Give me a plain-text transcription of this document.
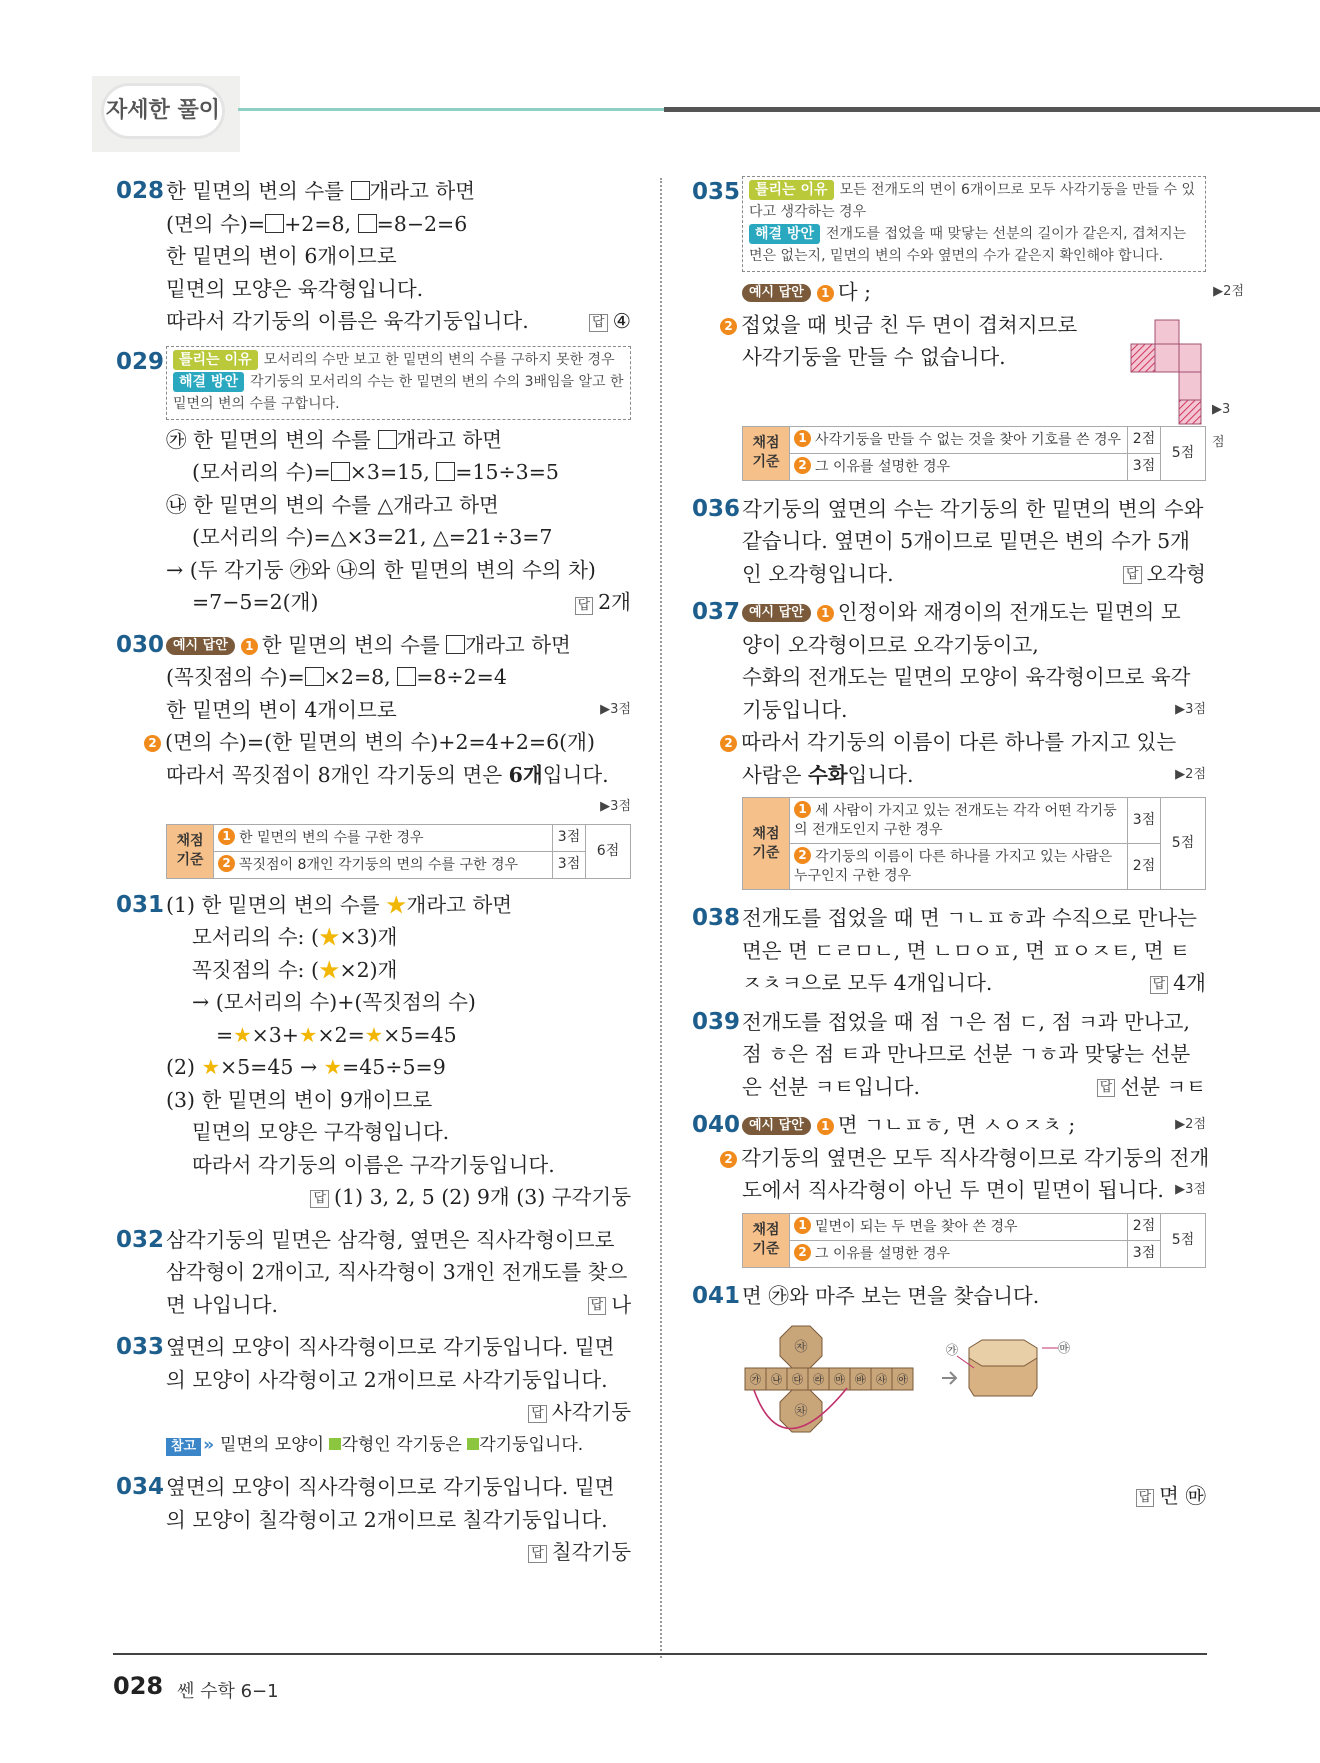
자세한 풀이
028 한 밑면의 변의 수를 개라고 하면
(면의 수)= +2=8, =8−2=6
한 밑면의 변이 6개이므로
밑면의 모양은 육각형입니다.
따라서 각기둥의 이름은 육각기둥입니다.	답 ④
029	틀리는 이유 모서리의 수만 보고 한 밑면의 변의 수를 구하지 못한 경우
해결 방안 각기둥의 모서리의 수는 한 밑면의 변의 수의 3배임을 알고 한 밑면의 변의 수를 구합니다.
㉮ 한 밑면의 변의 수를 개라고 하면
(모서리의 수)= ×3=15, =15÷3=5
㉯ 한 밑면의 변의 수를 △개라고 하면
(모서리의 수)=△×3=21, △=21÷3=7
→ (두 각기둥 ㉮와 ㉯의 한 밑면의 변의 수의 차)
=7−5=2(개)	답 2개
030 예시 답안 1 한 밑면의 변의 수를 개라고 하면
(꼭짓점의 수)= ×2=8, =8÷2=4
한 밑면의 변이 4개이므로	▶3점
2 (면의 수)=(한 밑면의 변의 수)+2=4+2=6(개)
따라서 꼭짓점이 8개인 각기둥의 면은 6개입니다.
▶3점
채점 기준	1 한 밑면의 변의 수를 구한 경우	3점	6점
	2 꼭짓점이 8개인 각기둥의 면의 수를 구한 경우	3점	
031 (1) 한 밑면의 변의 수를 ★개라고 하면
모서리의 수: (★×3)개
꼭짓점의 수: (★×2)개
→ (모서리의 수)+(꼭짓점의 수)
=★×3+★×2=★×5=45
(2) ★×5=45 → ★=45÷5=9
(3) 한 밑면의 변이 9개이므로
밑면의 모양은 구각형입니다.
따라서 각기둥의 이름은 구각기둥입니다.
답 (1) 3, 2, 5 (2) 9개 (3) 구각기둥
032 삼각기둥의 밑면은 삼각형, 옆면은 직사각형이므로
삼각형이 2개이고, 직사각형이 3개인 전개도를 찾으
면 나입니다.	답 나
033 옆면의 모양이 직사각형이므로 각기둥입니다. 밑면
의 모양이 사각형이고 2개이므로 사각기둥입니다.
답 사각기둥
참고 » 밑면의 모양이 각형인 각기둥은 각기둥입니다.
034 옆면의 모양이 직사각형이므로 각기둥입니다. 밑면
의 모양이 칠각형이고 2개이므로 칠각기둥입니다.
답 칠각기둥
035	틀리는 이유 모든 전개도의 면이 6개이므로 모두 사각기둥을 만들 수 있다고 생각하는 경우
해결 방안 전개도를 접었을 때 맞닿는 선분의 길이가 같은지, 겹쳐지는 면은 없는지, 밑면의 변의 수와 옆면의 수가 같은지 확인해야 합니다.
예시 답안 1 다 ;	▶2점
2 접었을 때 빗금 친 두 면이 겹쳐지므로
사각기둥을 만들 수 없습니다.
▶3점
채점 기준	1 사각기둥을 만들 수 없는 것을 찾아 기호를 쓴 경우	2점	5점
	2 그 이유를 설명한 경우	3점	
036 각기둥의 옆면의 수는 각기둥의 한 밑면의 변의 수와
같습니다. 옆면이 5개이므로 밑면은 변의 수가 5개
인 오각형입니다.	답 오각형
037 예시 답안 1 인정이와 재경이의 전개도는 밑면의 모
양이 오각형이므로 오각기둥이고,
수화의 전개도는 밑면의 모양이 육각형이므로 육각
기둥입니다.	▶3점
2 따라서 각기둥의 이름이 다른 하나를 가지고 있는
사람은 수화입니다.	▶2점
채점 기준	1 세 사람이 가지고 있는 전개도는 각각 어떤 각기둥의 전개도인지 구한 경우	3점	5점
	2 각기둥의 이름이 다른 하나를 가지고 있는 사람은 누구인지 구한 경우	2점	
038 전개도를 접었을 때 면 ㄱㄴㅍㅎ과 수직으로 만나는
면은 면 ㄷㄹㅁㄴ, 면 ㄴㅁㅇㅍ, 면 ㅍㅇㅈㅌ, 면 ㅌ
ㅈㅊㅋ으로 모두 4개입니다.	답 4개
039 전개도를 접었을 때 점 ㄱ은 점 ㄷ, 점 ㅋ과 만나고,
점 ㅎ은 점 ㅌ과 만나므로 선분 ㄱㅎ과 맞닿는 선분
은 선분 ㅋㅌ입니다.	답 선분 ㅋㅌ
040 예시 답안 1 면 ㄱㄴㅍㅎ, 면 ㅅㅇㅈㅊ ;	▶2점
2 각기둥의 옆면은 모두 직사각형이므로 각기둥의 전개
도에서 직사각형이 아닌 두 면이 밑면이 됩니다. ▶3점
채점 기준	1 밑면이 되는 두 면을 찾아 쓴 경우	2점	5점
	2 그 이유를 설명한 경우	3점	
041 면 ㉮와 마주 보는 면을 찾습니다.
㉮ ㉯ ㉰ ㉱ ㉲ ㉳ ㉴ ㉵
㉶
㉷
㉮	㉲
답 면 ㉲
028 쎈 수학 6−1
